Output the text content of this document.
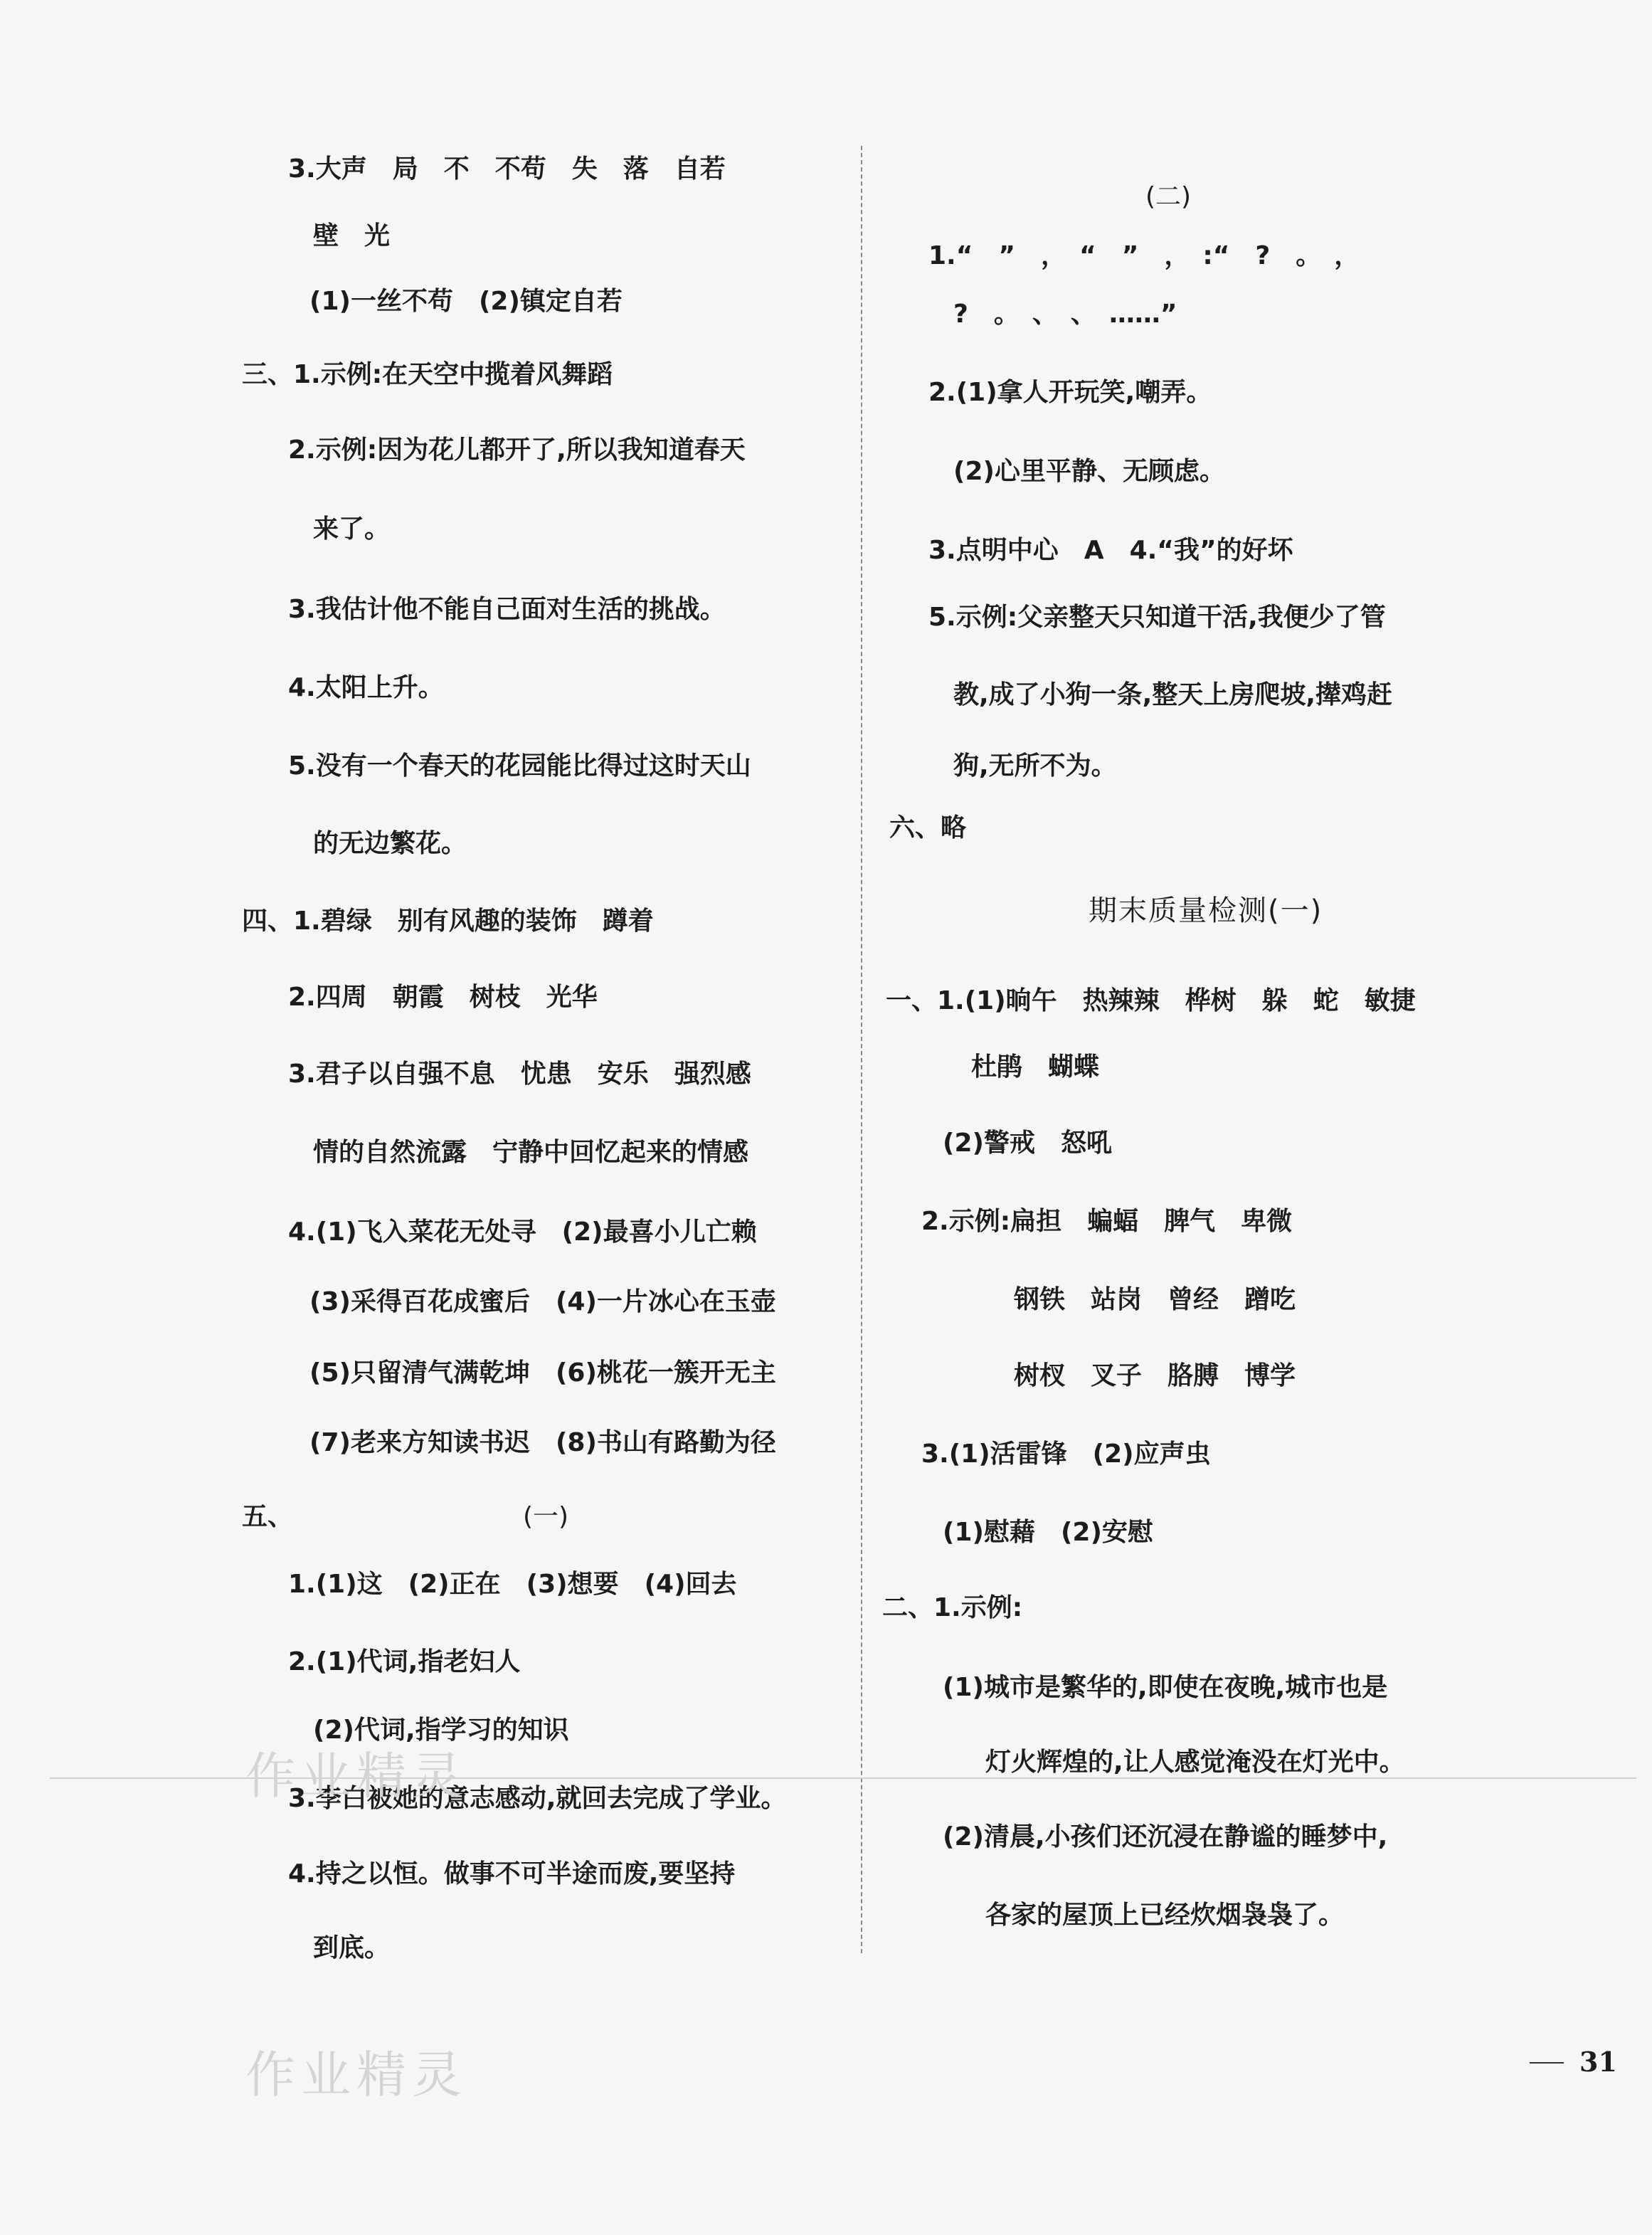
3.大声　局　不　不苟　失　落　自若
壁　光
(1)一丝不苟　(2)镇定自若
三、1.示例:在天空中揽着风舞蹈
2.示例:因为花儿都开了,所以我知道春天
来了。
3.我估计他不能自己面对生活的挑战。
4.太阳上升。
5.没有一个春天的花园能比得过这时天山
的无边繁花。
四、1.碧绿　别有风趣的装饰　蹲着
2.四周　朝霞　树枝　光华
3.君子以自强不息　忧患　安乐　强烈感
情的自然流露　宁静中回忆起来的情感
4.(1)飞入菜花无处寻　(2)最喜小儿亡赖
(3)采得百花成蜜后　(4)一片冰心在玉壶
(5)只留清气满乾坤　(6)桃花一簇开无主
(7)老来方知读书迟　(8)书山有路勤为径
五、	(一)
1.(1)这　(2)正在　(3)想要　(4)回去
2.(1)代词,指老妇人
(2)代词,指学习的知识
3.李白被她的意志感动,就回去完成了学业。
4.持之以恒。做事不可半途而废,要坚持
到底。
(二)
1.“　”　，　“　”　，　:“　?　。　，
?　。　、　、　……”
2.(1)拿人开玩笑,嘲弄。
(2)心里平静、无顾虑。
3.点明中心　A　4.“我”的好坏
5.示例:父亲整天只知道干活,我便少了管
教,成了小狗一条,整天上房爬坡,撵鸡赶
狗,无所不为。
六、略
期末质量检测(一)
一、1.(1)晌午　热辣辣　桦树　躲　蛇　敏捷
杜鹃　蝴蝶
(2)警戒　怒吼
2.示例:扁担　蝙蝠　脾气　卑微
钢铁　站岗　曾经　蹭吃
树杈　叉子　胳膊　博学
3.(1)活雷锋　(2)应声虫
(1)慰藉　(2)安慰
二、1.示例:
(1)城市是繁华的,即使在夜晚,城市也是
灯火辉煌的,让人感觉淹没在灯光中。
(2)清晨,小孩们还沉浸在静谧的睡梦中,
各家的屋顶上已经炊烟袅袅了。
作业精灵
作业精灵	31
